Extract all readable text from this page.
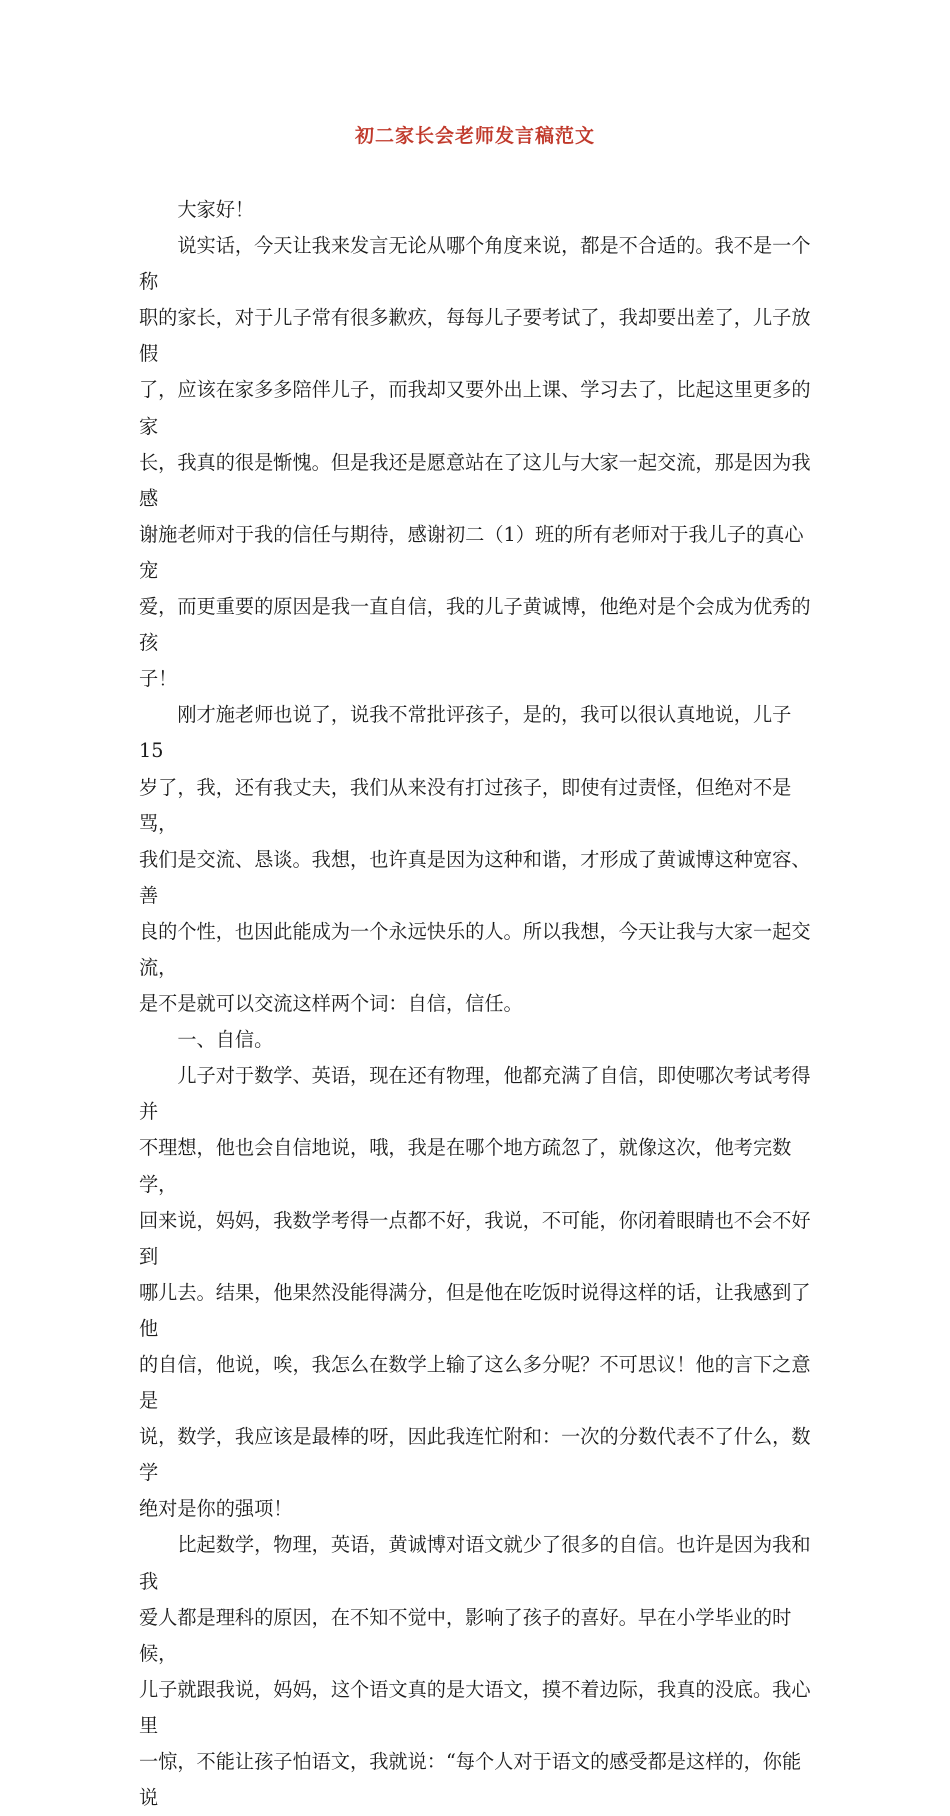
初二家长会老师发言稿范文

　　大家好！

　　说实话，今天让我来发言无论从哪个角度来说，都是不合适的。我不是一个称
职的家长，对于儿子常有很多歉疚，每每儿子要考试了，我却要出差了，儿子放假
了，应该在家多多陪伴儿子，而我却又要外出上课、学习去了，比起这里更多的家
长，我真的很是惭愧。但是我还是愿意站在了这儿与大家一起交流，那是因为我感
谢施老师对于我的信任与期待，感谢初二（1）班的所有老师对于我儿子的真心宠
爱，而更重要的原因是我一直自信，我的儿子黄诚博，他绝对是个会成为优秀的孩
子！

　　刚才施老师也说了，说我不常批评孩子，是的，我可以很认真地说，儿子 15
岁了，我，还有我丈夫，我们从来没有打过孩子，即使有过责怪，但绝对不是骂，
我们是交流、恳谈。我想，也许真是因为这种和谐，才形成了黄诚博这种宽容、善
良的个性，也因此能成为一个永远快乐的人。所以我想，今天让我与大家一起交流，
是不是就可以交流这样两个词：自信，信任。

　　一、自信。

　　儿子对于数学、英语，现在还有物理，他都充满了自信，即使哪次考试考得并
不理想，他也会自信地说，哦，我是在哪个地方疏忽了，就像这次，他考完数学，
回来说，妈妈，我数学考得一点都不好，我说，不可能，你闭着眼睛也不会不好到
哪儿去。结果，他果然没能得满分，但是他在吃饭时说得这样的话，让我感到了他
的自信，他说，唉，我怎么在数学上输了这么多分呢？不可思议！他的言下之意是
说，数学，我应该是最棒的呀，因此我连忙附和：一次的分数代表不了什么，数学
绝对是你的强项！

　　比起数学，物理，英语，黄诚博对语文就少了很多的自信。也许是因为我和我
爱人都是理科的原因，在不知不觉中，影响了孩子的喜好。早在小学毕业的时候，
儿子就跟我说，妈妈，这个语文真的是大语文，摸不着边际，我真的没底。我心里
一惊，不能让孩子怕语文，我就说：“每个人对于语文的感受都是这样的，你能说
